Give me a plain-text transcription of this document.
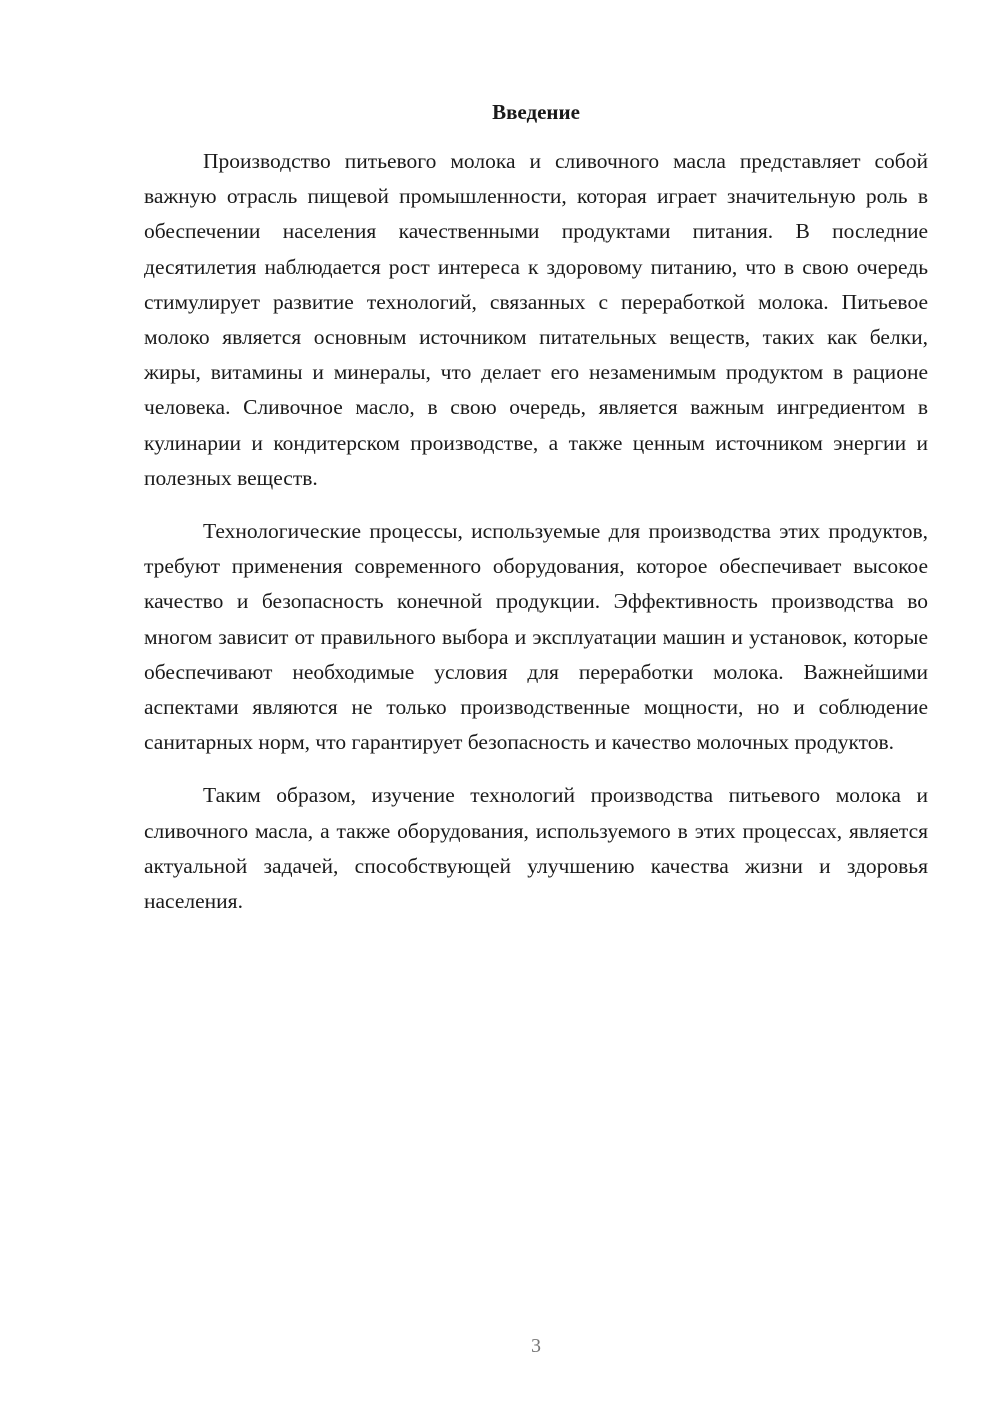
Введение

Производство питьевого молока и сливочного масла представляет собой важную отрасль пищевой промышленности, которая играет значительную роль в обеспечении населения качественными продуктами питания. В последние десятилетия наблюдается рост интереса к здоровому питанию, что в свою очередь стимулирует развитие технологий, связанных с переработкой молока. Питьевое молоко является основным источником питательных веществ, таких как белки, жиры, витамины и минералы, что делает его незаменимым продуктом в рационе человека. Сливочное масло, в свою очередь, является важным ингредиентом в кулинарии и кондитерском производстве, а также ценным источником энергии и полезных веществ.

Технологические процессы, используемые для производства этих продуктов, требуют применения современного оборудования, которое обеспечивает высокое качество и безопасность конечной продукции. Эффективность производства во многом зависит от правильного выбора и эксплуатации машин и установок, которые обеспечивают необходимые условия для переработки молока. Важнейшими аспектами являются не только производственные мощности, но и соблюдение санитарных норм, что гарантирует безопасность и качество молочных продуктов.

Таким образом, изучение технологий производства питьевого молока и сливочного масла, а также оборудования, используемого в этих процессах, является актуальной задачей, способствующей улучшению качества жизни и здоровья населения.

3
